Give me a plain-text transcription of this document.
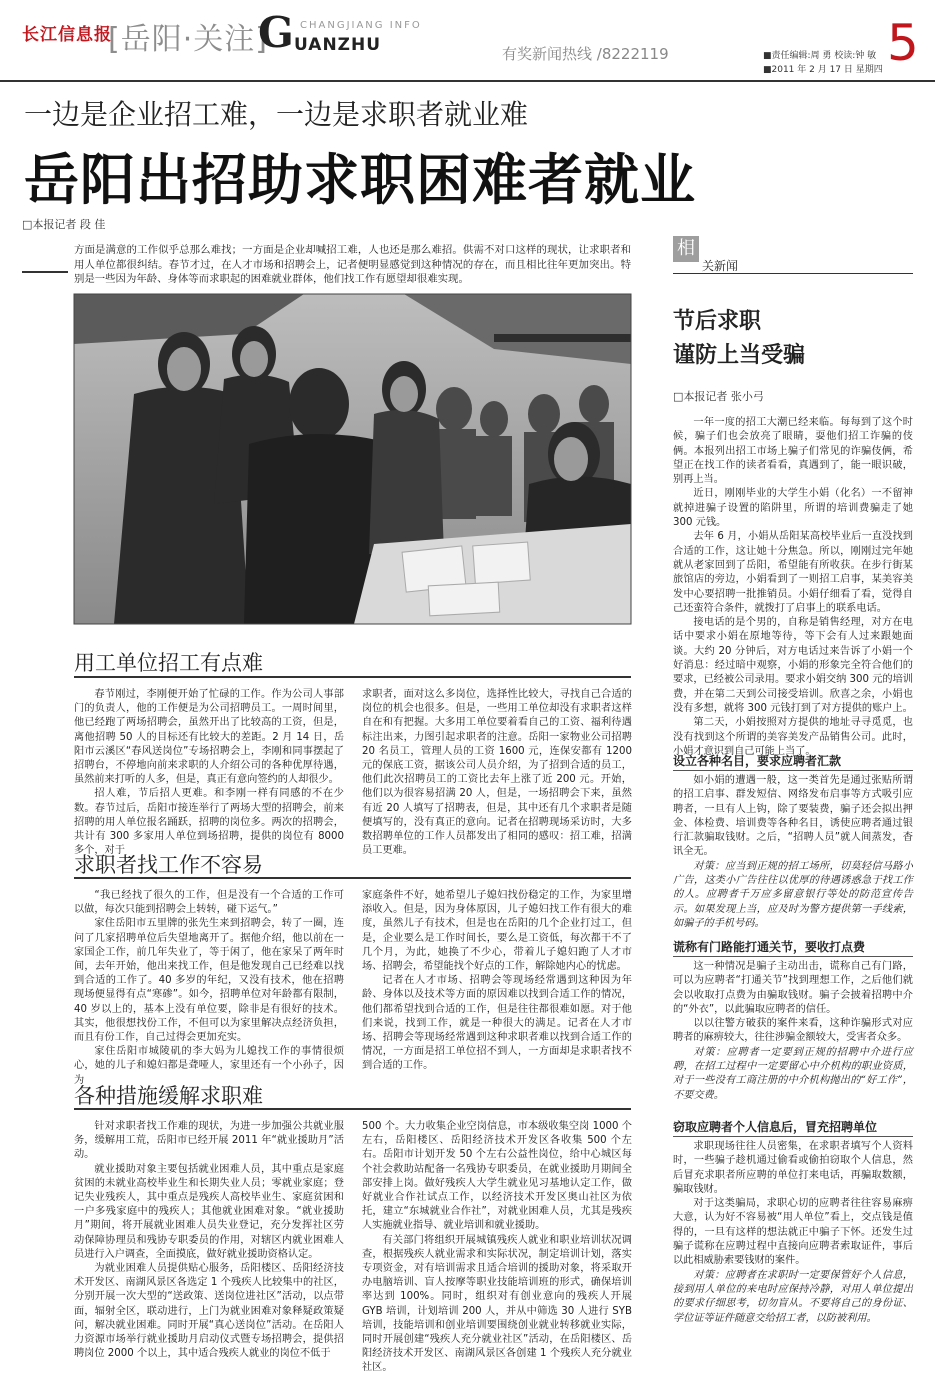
长江信息报
[岳阳·关注]
G CHANGJIANG INFO
UANZHU	有奖新闻热线 /8222119	■责任编辑:周 勇 校读:钟 敏
■2011 年 2 月 17 日 星期四 5
一边是企业招工难，一边是求职者就业难
岳阳出招助求职困难者就业
□本报记者 段 佳
方面是满意的工作似乎总那么难找；一方面是企业却喊招工难，人也还是那么难招。供需不对口这样的现状，让求职者和用人单位都很纠结。春节才过，在人才市场和招聘会上，记者便明显感觉到这种情况的存在，而且相比往年更加突出。特别是一些因为年龄、身体等而求职起的困难就业群体，他们找工作有愿望却很难实现。
用工单位招工有点难

春节刚过，李刚便开始了忙碌的工作。作为公司人事部门的负责人，他的工作便是为公司招聘员工。一周时间里，他已经跑了两场招聘会，虽然开出了比较高的工资，但是，离他招聘 50 人的目标还有比较大的差距。2 月 14 日，岳阳市云溪区“春风送岗位”专场招聘会上，李刚和同事摆起了招聘台，不停地向前来求职的人介绍公司的各种优厚待遇，虽然前来打听的人多，但是，真正有意向签约的人却很少。

招人难，节后招人更难。和李刚一样有同感的不在少数。春节过后，岳阳市接连举行了两场大型的招聘会，前来招聘的用人单位报名踊跃，招聘的岗位多。两次的招聘会，共计有 300 多家用人单位到场招聘，提供的岗位有 8000 多个，对于

求职者，面对这么多岗位，选择性比较大，寻找自己合适的岗位的机会也很多。但是，一些用工单位却没有求职者这样自在和有把握。大多用工单位要着看自己的工资、福利待遇标注出来，力图引起求职者的注意。岳阳一家物业公司招聘 20 名员工，管理人员的工资 1600 元，连保安都有 1200 元的保底工资，据该公司人员介绍，为了招到合适的员工，他们此次招聘员工的工资比去年上涨了近 200 元。开始，他们以为很容易招满 20 人，但是，一场招聘会下来，虽然有近 20 人填写了招聘表，但是，其中还有几个求职者是随便填写的，没有真正的意向。记者在招聘现场采访时，大多数招聘单位的工作人员都发出了相同的感叹：招工难，招满员工更难。

求职者找工作不容易

“我已经找了很久的工作，但是没有一个合适的工作可以做，每次只能到招聘会上转转，碰下运气。”

家住岳阳市五里牌的张先生来到招聘会，转了一圈，连问了几家招聘单位后失望地离开了。据他介绍，他以前在一家国企工作，前几年失业了，等于闲了，他在家呆了两年时间，去年开始，他出来找工作，但是他发现自己已经难以找到合适的工作了。40 多岁的年纪，又没有技术，他在招聘现场便显得有点“寒碜”。如今，招聘单位对年龄都有限制，40 岁以上的，基本上没有单位要，除非是有很好的技术。其实，他很想找份工作，不但可以为家里解决点经济负担，而且有份工作，自己过得会更加充实。

家住岳阳市城陵矶的李大妈为儿媳找工作的事情很烦心，她的儿子和媳妇都是聋哑人，家里还有一个小孙子，因为

家庭条件不好，她希望儿子媳妇找份稳定的工作，为家里增添收入。但是，因为身体原因，儿子媳妇找工作有很大的难度，虽然儿子有技术，但是也在岳阳的几个企业打过工，但是，企业要么是工作时间长，要么是工资低，每次都干不了几个月，为此，她换了不少心，带着儿子媳妇跑了人才市场、招聘会，希望能找个好点的工作，解除她内心的忧虑。

记者在人才市场、招聘会等现场经常遇到这种因为年龄、身体以及技术等方面的原因难以找到合适工作的情况，他们都希望找到合适的工作，但是往往都很难如愿。对于他们来说，找到工作，就是一种很大的满足。记者在人才市场、招聘会等现场经常遇到这种求职者难以找到合适工作的情况，一方面是招工单位招不到人，一方面却是求职者找不到合适的工作。

各种措施缓解求职难

针对求职者找工作难的现状，为进一步加强公共就业服务，缓解用工荒，岳阳市已经开展 2011 年“就业援助月”活动。

就业援助对象主要包括就业困难人员，其中重点是家庭贫困的未就业高校毕业生和长期失业人员；零就业家庭；登记失业残疾人，其中重点是残疾人高校毕业生、家庭贫困和一户多残家庭中的残疾人；其他就业困难对象。“就业援助月”期间，将开展就业困难人员失业登记，充分发挥社区劳动保障协理员和残协专职委员的作用，对辖区内就业困难人员进行入户调查，全面摸底，做好就业援助资格认定。

为就业困难人员提供贴心服务，岳阳楼区、岳阳经济技术开发区、南湖风景区各选定 1 个残疾人比较集中的社区，分别开展一次大型的“送政策、送岗位进社区”活动，以点带面，辐射全区，联动进行，上门为就业困难对象释疑政策疑问，解决就业困难。同时开展“真心送岗位”活动。在岳阳人力资源市场举行就业援助月启动仪式暨专场招聘会，提供招聘岗位 2000 个以上，其中适合残疾人就业的岗位不低于

500 个。大力收集企业空岗信息，市本级收集空岗 1000 个左右，岳阳楼区、岳阳经济技术开发区各收集 500 个左右。岳阳市计划开发 50 个左右公益性岗位，给中心城区每个社会救助站配备一名残协专职委员，在就业援助月期间全部安排上岗。做好残疾人大学生就业见习基地认定工作，做好就业合作社试点工作，以经济技术开发区奥山社区为依托，建立“东城就业合作社”，对就业困难人员，尤其是残疾人实施就业指导、就业培训和就业援助。

有关部门将组织开展城镇残疾人就业和职业培训状况调查，根据残疾人就业需求和实际状况，制定培训计划，落实专项资金，对有培训需求且适合培训的援助对象，将采取开办电脑培训、盲人按摩等职业技能培训班的形式，确保培训率达到 100%。同时，组织对有创业意向的残疾人开展 GYB 培训，计划培训 200 人，并从中筛选 30 人进行 SYB 培训，技能培训和创业培训要围绕创业就业转移就业实际，同时开展创建“残疾人充分就业社区”活动，在岳阳楼区、岳阳经济技术开发区、南湖风景区各创建 1 个残疾人充分就业社区。

相
关新闻
节后求职
谨防上当受骗
□本报记者 张小弓

一年一度的招工大潮已经来临。每每到了这个时候，骗子们也会放亮了眼睛，耍他们招工诈骗的伎俩。本报列出招工市场上骗子们常见的诈骗伎俩，希望正在找工作的读者看看，真遇到了，能一眼识破，别再上当。

近日，刚刚毕业的大学生小娟（化名）一不留神就掉进骗子设置的陷阱里，所谓的培训费骗走了她 300 元钱。

去年 6 月，小娟从岳阳某高校毕业后一直没找到合适的工作，这让她十分焦急。所以，刚刚过完年她就从老家回到了岳阳，希望能有所收获。在步行街某旅馆店的旁边，小娟看到了一则招工启事，某美容美发中心要招聘一批推销员。小娟仔细看了看，觉得自己还蛮符合条件，就拨打了启事上的联系电话。

接电话的是个男的，自称是销售经理，对方在电话中要求小娟在原地等待，等下会有人过来跟她面谈。大约 20 分钟后，对方电话过来告诉了小娟一个好消息：经过暗中观察，小娟的形象完全符合他们的要求，已经被公司录用。要求小娟交纳 300 元的培训费，并在第二天到公司接受培训。欣喜之余，小娟也没有多想，就将 300 元钱打到了对方提供的账户上。

第二天，小娟按照对方提供的地址寻寻觅觅，也没有找到这个所谓的美容美发产品销售公司。此时，小娟才意识到自己可能上当了。

设立各种名目，要求应聘者汇款

如小娟的遭遇一般，这一类首先是通过张贴所谓的招工启事、群发短信、网络发布启事等方式吸引应聘者，一旦有人上钩，除了要装费，骗子还会拟出押金、体检费、培训费等各种名目，诱使应聘者通过银行汇款骗取钱财。之后，“招聘人员”就人间蒸发，杳讯全无。

对策：应当到正规的招工场所，切莫轻信马路小广告，这类小广告往往以优厚的待遇诱惑急于找工作的人。应聘者千万应多留意银行等处的防范宣传告示。如果发现上当，应及时为警方提供第一手线索，如骗子的手机号码。

谎称有门路能打通关节，要收打点费

这一种情况是骗子主动出击，谎称自己有门路，可以为应聘者“打通关节”找到理想工作，之后他们就会以收取打点费为由骗取钱财。骗子会披着招聘中介的“外衣”，以此骗取应聘者的信任。

以以往警方破获的案件来看，这种诈骗形式对应聘者的麻痹较大，往往涉骗金额较大，受害者众多。

对策：应聘者一定要到正规的招聘中介进行应聘，在招工过程中一定要留心中介机构的职业资质，对于一些没有工商注册的中介机构抛出的“好工作”，不要交费。

窃取应聘者个人信息后，冒充招聘单位

求职现场往往人员密集，在求职者填写个人资料时，一些骗子趁机通过偷看或偷拍窃取个人信息，然后冒充求职者所应聘的单位打来电话，再骗取数额，骗取钱财。

对于这类骗局，求职心切的应聘者往往容易麻痹大意，认为好不容易被“用人单位”看上，交点钱是值得的，一旦有这样的想法就正中骗子下怀。还发生过骗子谎称在应聘过程中直接向应聘者索取证件，事后以此相威胁索要钱财的案件。

对策：应聘者在求职时一定要保管好个人信息，接到用人单位的来电时应保持冷静，对用人单位提出的要求仔细思考，切勿盲从。不要将自己的身份证、学位证等证件随意交给招工者，以防被利用。
